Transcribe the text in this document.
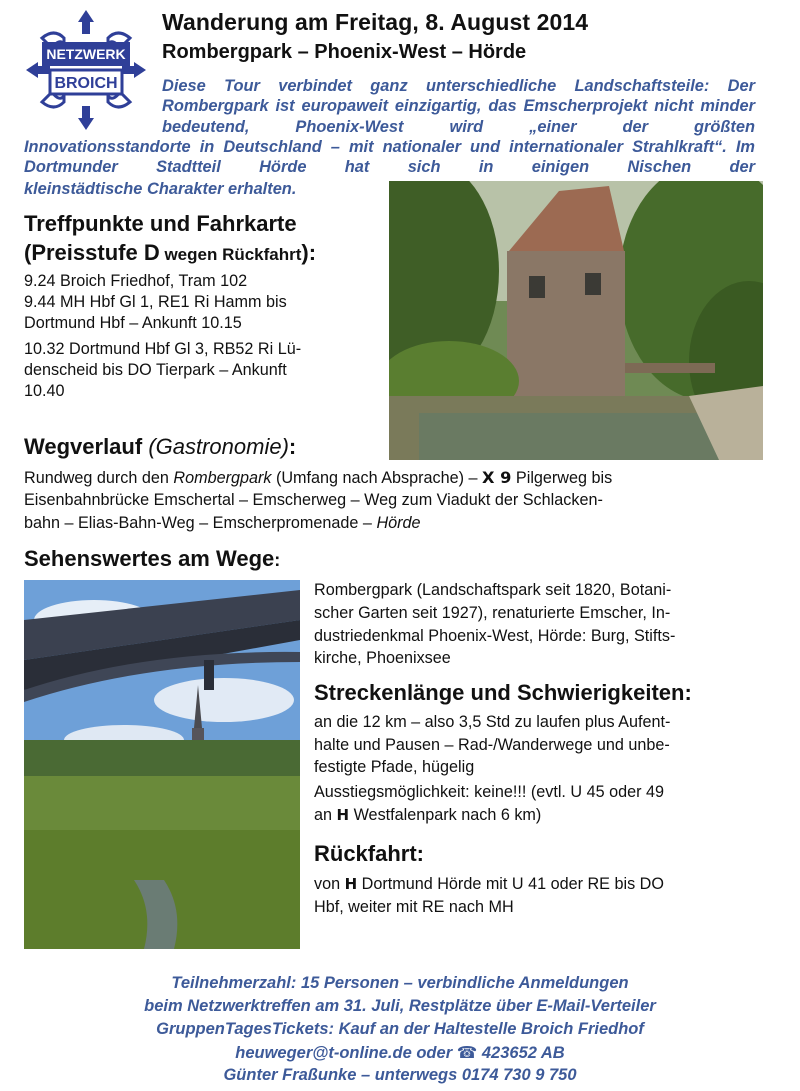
NETZWERK
BROICH
Wanderung am Freitag, 8. August 2014
Rombergpark – Phoenix-West – Hörde
Diese Tour verbindet ganz unterschiedliche Landschaftsteile: Der Rombergpark ist europaweit einzigartig, das Emscherprojekt nicht minder bedeutend, Phoenix-West wird „einer der größten
Innovationsstandorte in Deutschland – mit nationaler und internationaler Strahlkraft“. Im Dortmunder Stadtteil Hörde hat sich in einigen Nischen der
kleinstädtische Charakter erhalten.
Treffpunkte und Fahrkarte
(Preisstufe D wegen Rückfahrt):
9.24 Broich Friedhof, Tram 102
9.44 MH Hbf Gl 1, RE1 Ri Hamm bis
Dortmund Hbf – Ankunft 10.15
10.32 Dortmund Hbf Gl 3, RB52 Ri Lü-
denscheid bis DO Tierpark – Ankunft
10.40
Wegverlauf (Gastronomie):
Rundweg durch den Rombergpark (Umfang nach Absprache) – X 9 Pilgerweg bis
Eisenbahnbrücke Emschertal – Emscherweg – Weg zum Viadukt der Schlacken-
bahn – Elias-Bahn-Weg – Emscherpromenade – Hörde
Sehenswertes am Wege:
Rombergpark (Landschaftspark seit 1820, Botani-
scher Garten seit 1927), renaturierte Emscher, In-
dustriedenkmal Phoenix-West, Hörde: Burg, Stifts-
kirche, Phoenixsee
Streckenlänge und Schwierigkeiten:
an die 12 km – also 3,5 Std zu laufen plus Aufent-
halte und Pausen – Rad-/Wanderwege und unbe-
festigte Pfade, hügelig
Ausstiegsmöglichkeit: keine!!! (evtl. U 45 oder 49
an H Westfalenpark nach 6 km)
Rückfahrt:
von H Dortmund Hörde mit U 41 oder RE bis DO
Hbf, weiter mit RE nach MH
Teilnehmerzahl: 15 Personen – verbindliche Anmeldungen
beim Netzwerktreffen am 31. Juli, Restplätze über E-Mail-Verteiler
GruppenTagesTickets: Kauf an der Haltestelle Broich Friedhof
heuweger@t-online.de oder ☎ 423652 AB
Günter Fraßunke – unterwegs 0174 730 9 750
